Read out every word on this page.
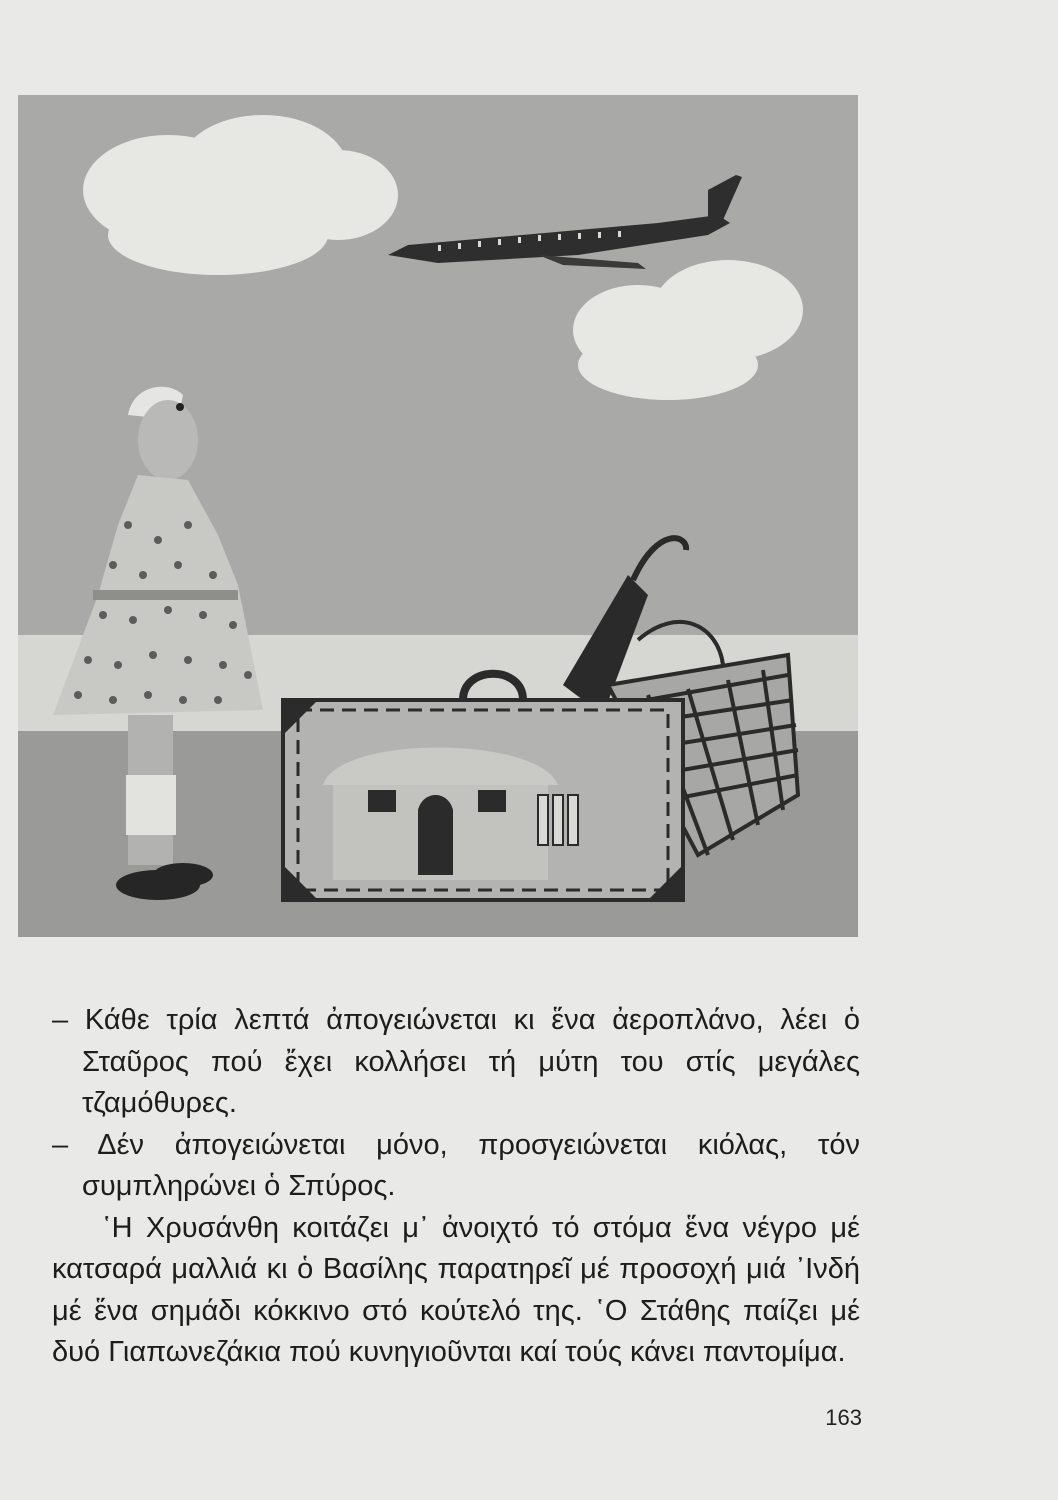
– Κάθε τρία λεπτά ἀπογειώνεται κι ἕνα ἀεροπλάνο, λέει ὁ Σταῦρος πού ἔχει κολλήσει τή μύτη του στίς μεγάλες τζαμόθυρες.

– Δέν ἀπογειώνεται μόνο, προσγειώνεται κιόλας, τόν συμπληρώνει ὁ Σπύρος.

῾Η Χρυσάνθη κοιτάζει μ᾿ ἀνοιχτό τό στόμα ἕνα νέγρο μέ κατσαρά μαλλιά κι ὁ Βασίλης παρατηρεῖ μέ προσοχή μιά ᾿Ινδή μέ ἕνα σημάδι κόκκινο στό κούτελό της. ῾Ο Στάθης παίζει μέ δυό Γιαπωνεζάκια πού κυνηγιοῦνται καί τούς κάνει παντομίμα.

163
